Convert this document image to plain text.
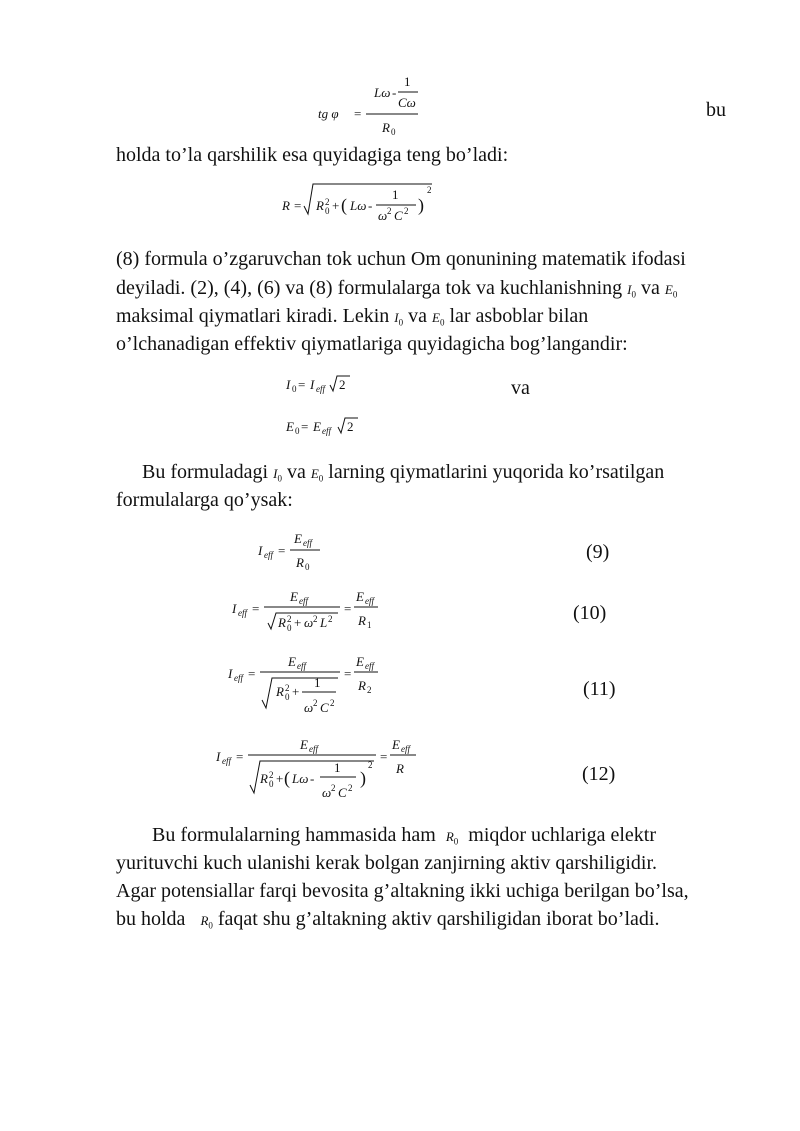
tg φ =
Lω -
1
Cω
R 0
bu
holda to’la qarshilik esa quyidagiga teng bo’ladi:
R = R 2
0 + ( Lω -
1
ω 2 C 2 )
2
(8) formula o’zgaruvchan tok uchun Om qonunining matematik ifodasi
deyiladi. (2), (4), (6) va (8) formulalarga tok va kuchlanishning $I_0$ va $E_0$
maksimal qiymatlari kiradi. Lekin $I_0$ va $E_0$ lar asboblar bilan
o’lchanadigan effektiv qiymatlariga quyidagicha bog’langandir:
I 0 = I eff 2	va
E 0 = E eff 2
Bu formuladagi $I_0$ va $E_0$ larning qiymatlarini yuqorida ko’rsatilgan
formulalarga qo’ysak:
I eff =
E eff
R 0
(9)
I eff =
E eff
R 2
0 + ω 2 L 2
=
E eff
R 1
(10)
I eff =
E eff
R 2
0 +
1
ω 2 C 2
=
E eff
R 2	(11)
I eff =
E eff
R 2
0 + ( Lω -
1
ω 2 C 2 )
2
=
E eff
R	(12)
Bu formulalarning hammasida ham $R_0$ miqdor uchlariga elektr
yurituvchi kuch ulanishi kerak bolgan zanjirning aktiv qarshiligidir.
Agar potensiallar farqi bevosita g’altakning ikki uchiga berilgan bo’lsa,
bu holda $R_0$ faqat shu g’altakning aktiv qarshiligidan iborat bo’ladi.
